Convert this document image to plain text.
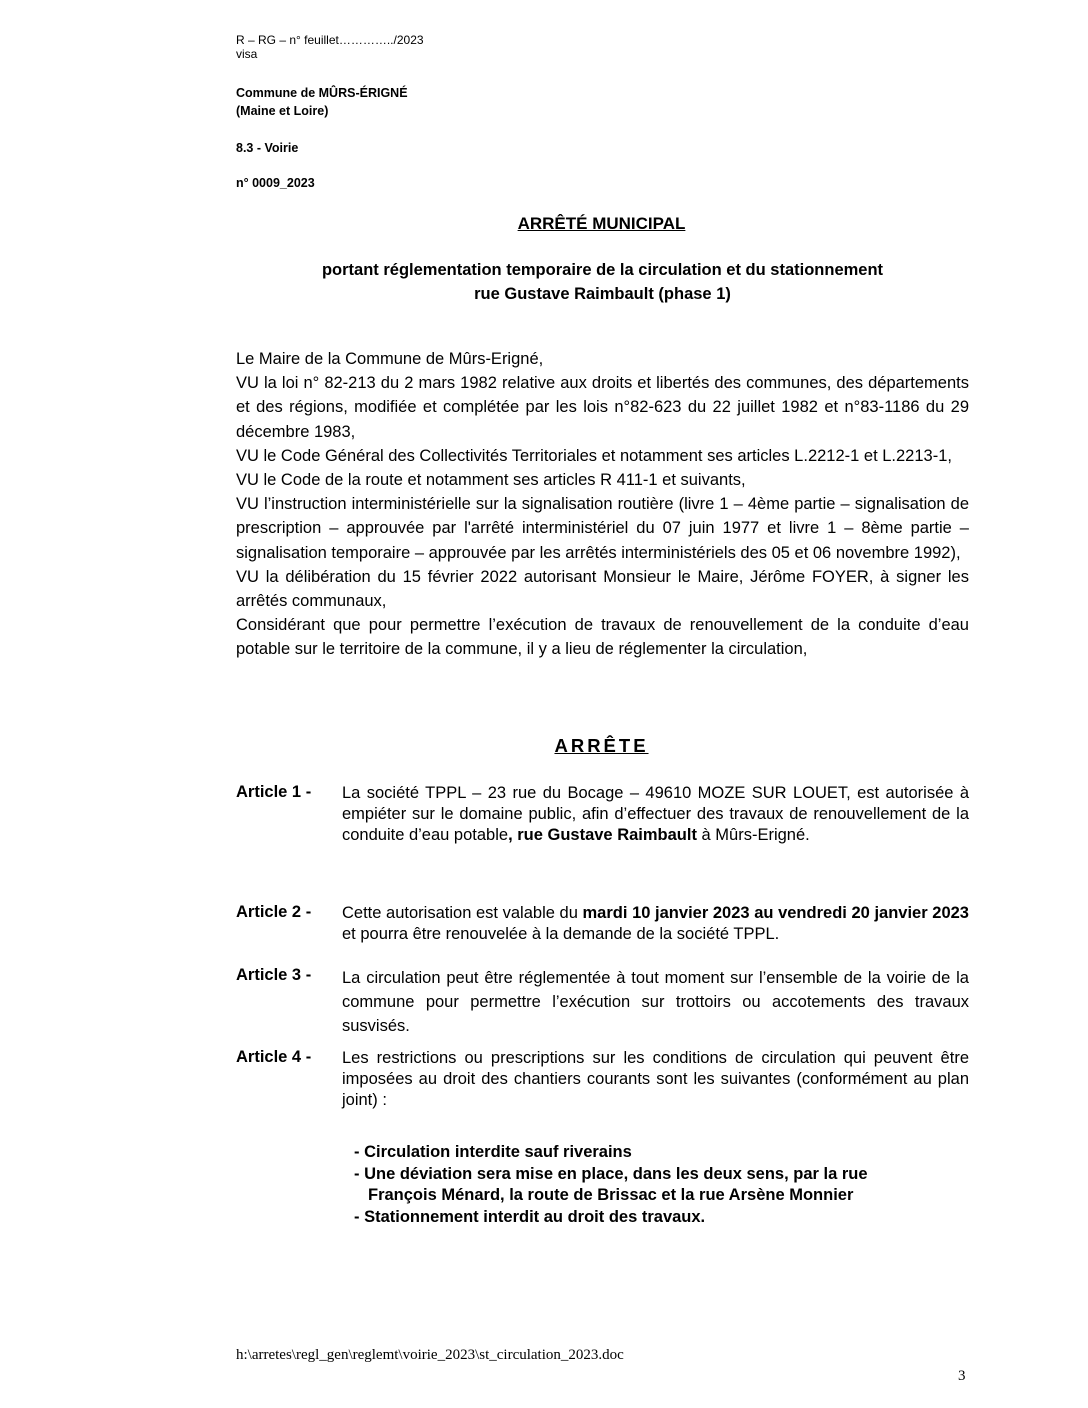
R – RG – n° feuillet…………../2023
visa
Commune de MÛRS-ÉRIGNÉ
(Maine et Loire)
8.3 - Voirie
n° 0009_2023
ARRÊTÉ MUNICIPAL
portant réglementation temporaire de la circulation et du stationnement
rue Gustave Raimbault (phase 1)

Le Maire de la Commune de Mûrs-Erigné,

VU la loi n° 82-213 du 2 mars 1982 relative aux droits et libertés des communes, des départements et des régions, modifiée et complétée par les lois n°82-623 du 22 juillet 1982 et n°83-1186 du 29 décembre 1983,

VU le Code Général des Collectivités Territoriales et notamment ses articles L.2212-1 et L.2213-1,

VU le Code de la route et notamment ses articles R 411-1 et suivants,

VU l’instruction interministérielle sur la signalisation routière (livre 1 – 4ème partie – signalisation de prescription – approuvée par l'arrêté interministériel du 07 juin 1977 et livre 1 – 8ème partie – signalisation temporaire – approuvée par les arrêtés interministériels des 05 et 06 novembre 1992),

VU la délibération du 15 février 2022 autorisant Monsieur le Maire, Jérôme FOYER, à signer les arrêtés communaux,

Considérant que pour permettre l’exécution de travaux de renouvellement de la conduite d’eau potable sur le territoire de la commune, il y a lieu de réglementer la circulation,

ARRÊTE
Article 1 - La société TPPL – 23 rue du Bocage – 49610 MOZE SUR LOUET, est autorisée à empiéter sur le domaine public, afin d’effectuer des travaux de renouvellement de la conduite d’eau potable, rue Gustave Raimbault à Mûrs-Erigné.
Article 2 - Cette autorisation est valable du mardi 10 janvier 2023 au vendredi 20 janvier 2023 et pourra être renouvelée à la demande de la société TPPL.
Article 3 - La circulation peut être réglementée à tout moment sur l’ensemble de la voirie de la commune pour permettre l’exécution sur trottoirs ou accotements des travaux susvisés.
Article 4 - Les restrictions ou prescriptions sur les conditions de circulation qui peuvent être imposées au droit des chantiers courants sont les suivantes (conformément au plan joint) :
- Circulation interdite sauf riverains
- Une déviation sera mise en place, dans les deux sens, par la rue
François Ménard, la route de Brissac et la rue Arsène Monnier
- Stationnement interdit au droit des travaux.
h:\arretes\regl_gen\reglemt\voirie_2023\st_circulation_2023.doc
3
